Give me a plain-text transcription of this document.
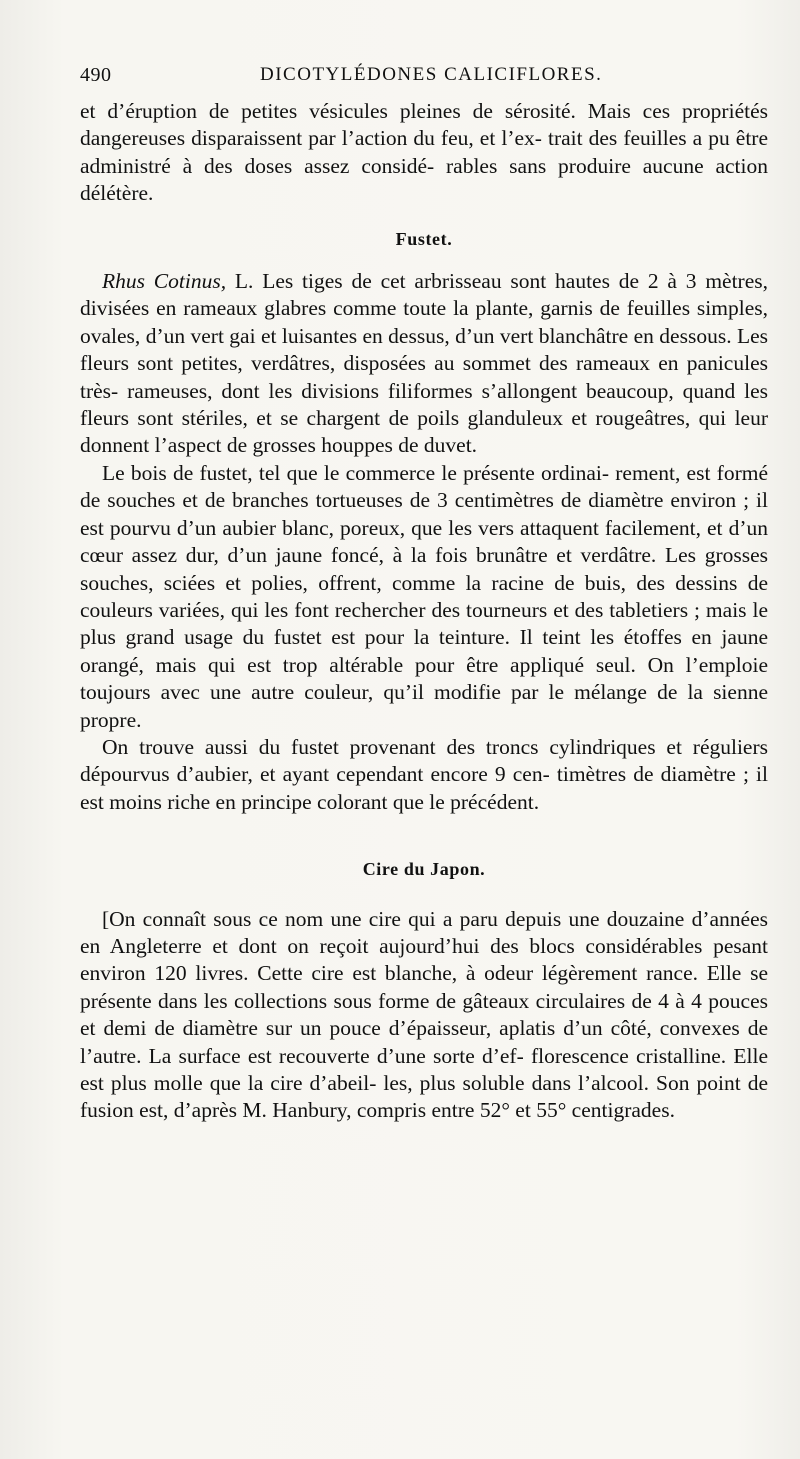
490	DICOTYLÉDONES CALICIFLORES.

et d’éruption de petites vésicules pleines de sérosité. Mais ces propriétés dangereuses disparaissent par l’action du feu, et l’ex- trait des feuilles a pu être administré à des doses assez considé- rables sans produire aucune action délétère.

Fustet.

Rhus Cotinus, L. Les tiges de cet arbrisseau sont hautes de 2 à 3 mètres, divisées en rameaux glabres comme toute la plante, garnis de feuilles simples, ovales, d’un vert gai et luisantes en dessus, d’un vert blanchâtre en dessous. Les fleurs sont petites, verdâtres, disposées au sommet des rameaux en panicules très- rameuses, dont les divisions filiformes s’allongent beaucoup, quand les fleurs sont stériles, et se chargent de poils glanduleux et rougeâtres, qui leur donnent l’aspect de grosses houppes de duvet.

Le bois de fustet, tel que le commerce le présente ordinai- rement, est formé de souches et de branches tortueuses de 3 centimètres de diamètre environ ; il est pourvu d’un aubier blanc, poreux, que les vers attaquent facilement, et d’un cœur assez dur, d’un jaune foncé, à la fois brunâtre et verdâtre. Les grosses souches, sciées et polies, offrent, comme la racine de buis, des dessins de couleurs variées, qui les font rechercher des tourneurs et des tabletiers ; mais le plus grand usage du fustet est pour la teinture. Il teint les étoffes en jaune orangé, mais qui est trop altérable pour être appliqué seul. On l’emploie toujours avec une autre couleur, qu’il modifie par le mélange de la sienne propre.

On trouve aussi du fustet provenant des troncs cylindriques et réguliers dépourvus d’aubier, et ayant cependant encore 9 cen- timètres de diamètre ; il est moins riche en principe colorant que le précédent.

Cire du Japon.

[On connaît sous ce nom une cire qui a paru depuis une douzaine d’années en Angleterre et dont on reçoit aujourd’hui des blocs considérables pesant environ 120 livres. Cette cire est blanche, à odeur légèrement rance. Elle se présente dans les collections sous forme de gâteaux circulaires de 4 à 4 pouces et demi de diamètre sur un pouce d’épaisseur, aplatis d’un côté, convexes de l’autre. La surface est recouverte d’une sorte d’ef- florescence cristalline. Elle est plus molle que la cire d’abeil- les, plus soluble dans l’alcool. Son point de fusion est, d’après M. Hanbury, compris entre 52° et 55° centigrades.
